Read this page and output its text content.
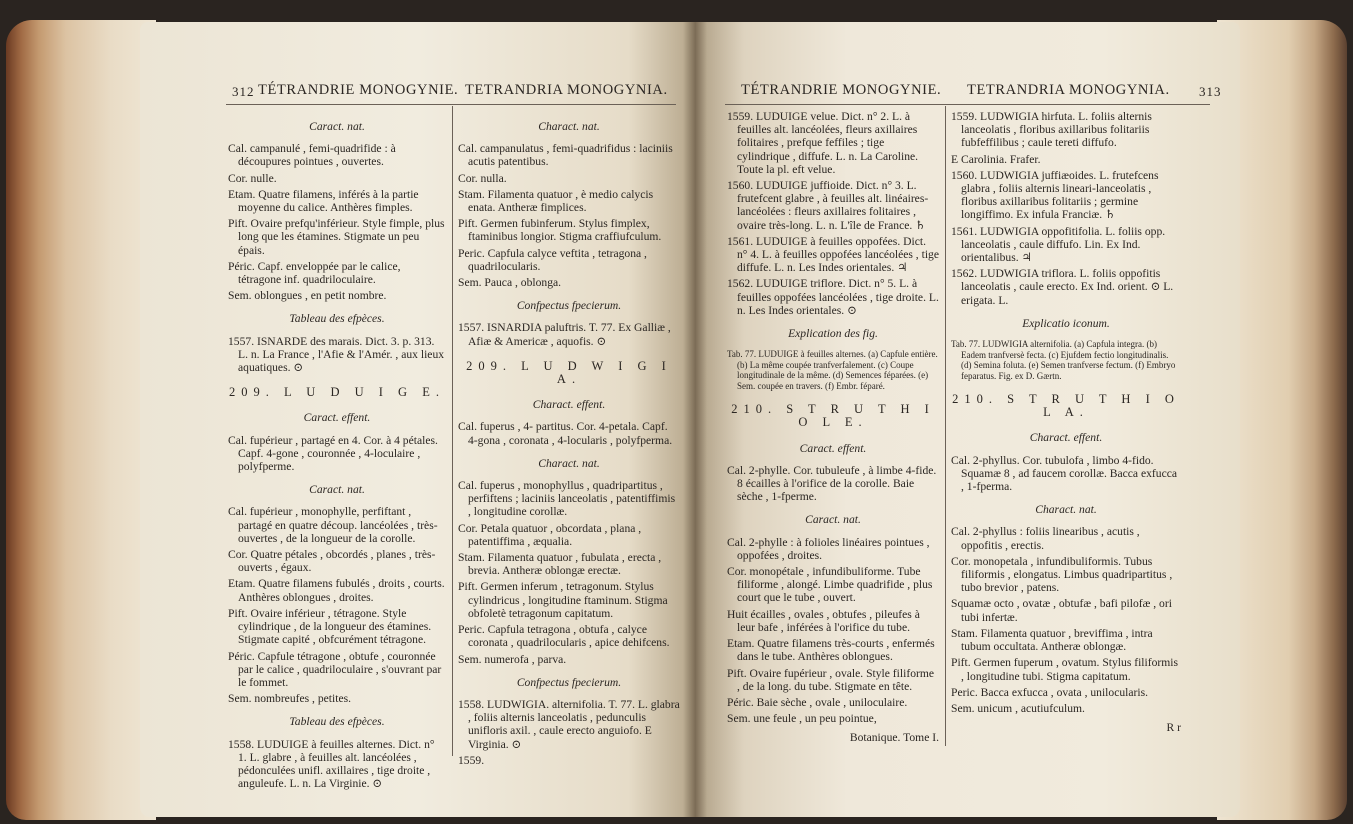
312 TÉTRANDRIE MONOGYNIE. TETRANDRIA MONOGYNIA.

Caract. nat.

Cal. campanulé , femi-quadrifide : à découpures pointues , ouvertes.

Cor. nulle.

Etam. Quatre filamens, inférés à la partie moyenne du calice. Anthères fimples.

Pift. Ovaire prefqu'inférieur. Style fimple, plus long que les étamines. Stigmate un peu épais.

Péric. Capf. enveloppée par le calice, tétragone inf. quadriloculaire.

Sem. oblongues , en petit nombre.

Tableau des efpèces.

1557. ISNARDE des marais. Dict. 3. p. 313. L. n. La France , l'Afie & l'Amér. , aux lieux aquatiques. ⊙

209. L U D U I G E.

Caract. effent.

Cal. fupérieur , partagé en 4. Cor. à 4 pétales. Capf. 4-gone , couronnée , 4-loculaire , polyfperme.

Caract. nat.

Cal. fupérieur , monophylle, perfiftant , partagé en quatre découp. lancéolées , très-ouvertes , de la longueur de la corolle.

Cor. Quatre pétales , obcordés , planes , très-ouverts , égaux.

Etam. Quatre filamens fubulés , droits , courts. Anthères oblongues , droites.

Pift. Ovaire inférieur , tétragone. Style cylindrique , de la longueur des étamines. Stigmate capité , obfcurément tétragone.

Péric. Capfule tétragone , obtufe , couronnée par le calice , quadriloculaire , s'ouvrant par le fommet.

Sem. nombreufes , petites.

Tableau des efpèces.

1558. LUDUIGE à feuilles alternes. Dict. n° 1. L. glabre , à feuilles alt. lancéolées , pédonculées unifl. axillaires , tige droite , anguleufe. L. n. La Virginie. ⊙

Charact. nat.

Cal. campanulatus , femi-quadrifidus : laciniis acutis patentibus.

Cor. nulla.

Stam. Filamenta quatuor , è medio calycis enata. Antheræ fimplices.

Pift. Germen fubinferum. Stylus fimplex, ftaminibus longior. Stigma craffiufculum.

Peric. Capfula calyce veftita , tetragona , quadrilocularis.

Sem. Pauca , oblonga.

Confpectus fpecierum.

1557. ISNARDIA paluftris. T. 77. Ex Galliæ , Afiæ & Americæ , aquofis. ⊙

209. L U D W I G I A.

Charact. effent.

Cal. fuperus , 4- partitus. Cor. 4-petala. Capf. 4-gona , coronata , 4-locularis , polyfperma.

Charact. nat.

Cal. fuperus , monophyllus , quadripartitus , perfiftens ; laciniis lanceolatis , patentiffimis , longitudine corollæ.

Cor. Petala quatuor , obcordata , plana , patentiffima , æqualia.

Stam. Filamenta quatuor , fubulata , erecta , brevia. Antheræ oblongæ erectæ.

Pift. Germen inferum , tetragonum. Stylus cylindricus , longitudine ftaminum. Stigma obfoletè tetragonum capitatum.

Peric. Capfula tetragona , obtufa , calyce coronata , quadrilocularis , apice dehifcens.

Sem. numerofa , parva.

Confpectus fpecierum.

1558. LUDWIGIA. alternifolia. T. 77. L. glabra , foliis alternis lanceolatis , pedunculis unifloris axil. , caule erecto anguiofo. E Virginia. ⊙

1559.

TÉTRANDRIE MONOGYNIE. TETRANDRIA MONOGYNIA. 313

1559. LUDUIGE velue. Dict. n° 2. L. à feuilles alt. lancéolées, fleurs axillaires folitaires , prefque feffiles ; tige cylindrique , diffufe. L. n. La Caroline. Toute la pl. eft velue.

1560. LUDUIGE juffioide. Dict. n° 3. L. frutefcent glabre , à feuilles alt. linéaires-lancéolées : fleurs axillaires folitaires , ovaire très-long. L. n. L'île de France. ♄

1561. LUDUIGE à feuilles oppofées. Dict. n° 4. L. à feuilles oppofées lancéolées , tige diffufe. L. n. Les Indes orientales. ♃

1562. LUDUIGE triflore. Dict. n° 5. L. à feuilles oppofées lancéolées , tige droite. L. n. Les Indes orientales. ⊙

Explication des fig.

Tab. 77. LUDUIGE à feuilles alternes. (a) Capfule entière. (b) La même coupée tranfverfalement. (c) Coupe longitudinale de la même. (d) Semences féparées. (e) Sem. coupée en travers. (f) Embr. féparé.

210. S T R U T H I O L E.

Caract. effent.

Cal. 2-phylle. Cor. tubuleufe , à limbe 4-fide. 8 écailles à l'orifice de la corolle. Baie sèche , 1-fperme.

Caract. nat.

Cal. 2-phylle : à folioles linéaires pointues , oppofées , droites.

Cor. monopétale , infundibuliforme. Tube filiforme , alongé. Limbe quadrifide , plus court que le tube , ouvert.

Huit écailles , ovales , obtufes , pileufes à leur bafe , inférées à l'orifice du tube.

Etam. Quatre filamens très-courts , enfermés dans le tube. Anthères oblongues.

Pift. Ovaire fupérieur , ovale. Style filiforme , de la long. du tube. Stigmate en tête.

Péric. Baie sèche , ovale , uniloculaire.

Sem. une feule , un peu pointue,

Botanique. Tome I.

1559. LUDWIGIA hirfuta. L. foliis alternis lanceolatis , floribus axillaribus folitariis fubfeffilibus ; caule tereti diffufo.

E Carolinia. Frafer.

1560. LUDWIGIA juffiæoides. L. frutefcens glabra , foliis alternis lineari-lanceolatis , floribus axillaribus folitariis ; germine longiffimo. Ex infula Franciæ. ♄

1561. LUDWIGIA oppofitifolia. L. foliis opp. lanceolatis , caule diffufo. Lin. Ex Ind. orientalibus. ♃

1562. LUDWIGIA triflora. L. foliis oppofitis lanceolatis , caule erecto. Ex Ind. orient. ⊙ L. erigata. L.

Explicatio iconum.

Tab. 77. LUDWIGIA alternifolia. (a) Capfula integra. (b) Eadem tranfversè fecta. (c) Ejufdem fectio longitudinalis. (d) Semina foluta. (e) Semen tranfverse fectum. (f) Embryo feparatus. Fig. ex D. Gærtn.

210. S T R U T H I O L A.

Charact. effent.

Cal. 2-phyllus. Cor. tubulofa , limbo 4-fido. Squamæ 8 , ad faucem corollæ. Bacca exfucca , 1-fperma.

Charact. nat.

Cal. 2-phyllus : foliis linearibus , acutis , oppofitis , erectis.

Cor. monopetala , infundibuliformis. Tubus filiformis , elongatus. Limbus quadripartitus , tubo brevior , patens.

Squamæ octo , ovatæ , obtufæ , bafi pilofæ , ori tubi infertæ.

Stam. Filamenta quatuor , breviffima , intra tubum occultata. Antheræ oblongæ.

Pift. Germen fuperum , ovatum. Stylus filiformis , longitudine tubi. Stigma capitatum.

Peric. Bacca exfucca , ovata , unilocularis.

Sem. unicum , acutiufculum.

R r
